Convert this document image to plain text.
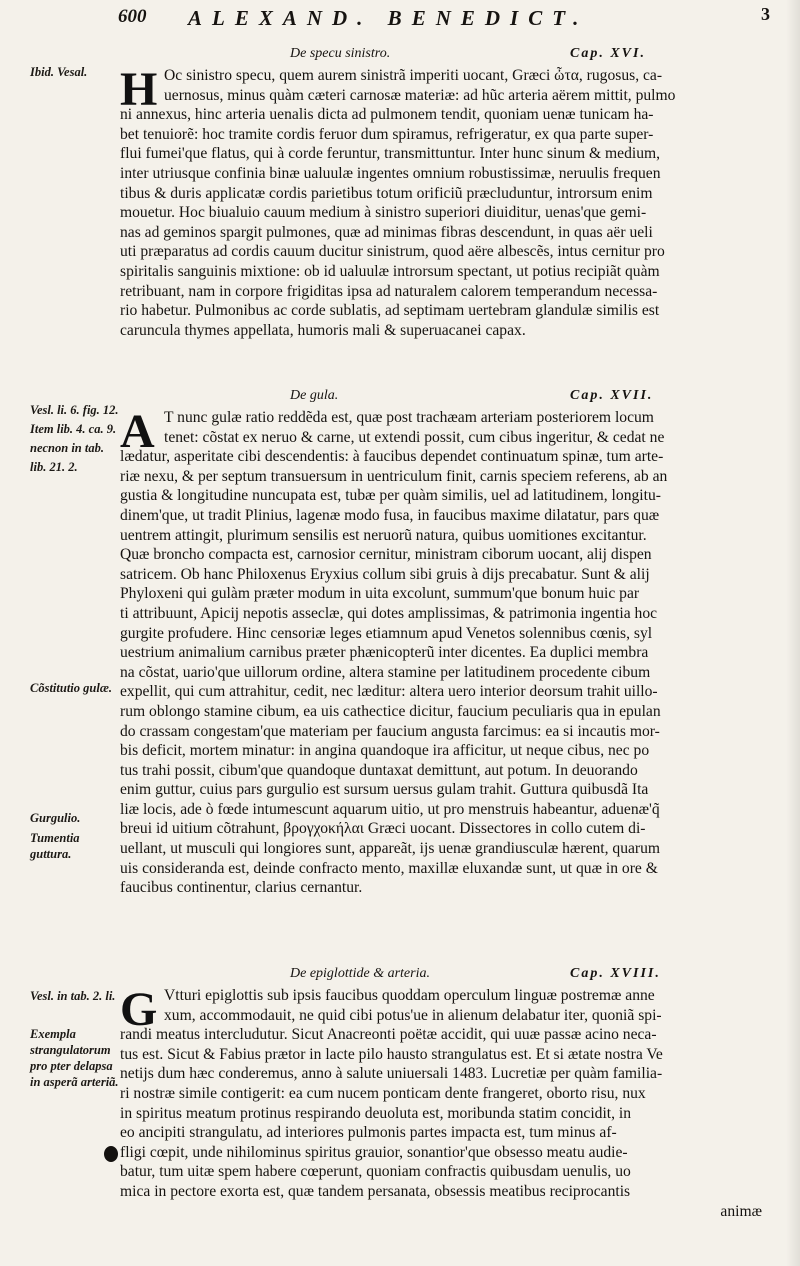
600 ALEXAND. BENEDICT.	3
Ibid. Vesal.
Vesl. li. 6. fig. 12.
Item lib. 4. ca. 9.
necnon in tab.
lib. 21. 2.
Cõstitutio gulæ.
Gurgulio.
Tumentia guttura.
Vesl. in tab. 2. li.
Exempla strangulatorum pro pter delapsa in asperã arteriã.
De specu sinistro.	Cap. XVI.
H Oc sinistro specu, quem aurem sinistrã imperiti uocant, Græci ὦτα, rugosus, ca-
uernosus, minus quàm cæteri carnosæ materiæ: ad hũc arteria aërem mittit, pulmo
ni annexus, hinc arteria uenalis dicta ad pulmonem tendit, quoniam uenæ tunicam ha-
bet tenuiorẽ: hoc tramite cordis feruor dum spiramus, refrigeratur, ex qua parte super-
flui fumei'que flatus, qui à corde feruntur, transmittuntur. Inter hunc sinum & medium,
inter utriusque confinia binæ ualuulæ ingentes omnium robustissimæ, neruulis frequen
tibus & duris applicatæ cordis parietibus totum orificiũ præcluduntur, introrsum enim
mouetur. Hoc biualuio cauum medium à sinistro superiori diuiditur, uenas'que gemi-
nas ad geminos spargit pulmones, quæ ad minimas fibras descendunt, in quas aër ueli
uti præparatus ad cordis cauum ducitur sinistrum, quod aëre albescẽs, intus cernitur pro
spiritalis sanguinis mixtione: ob id ualuulæ introrsum spectant, ut potius recipiãt quàm
retribuant, nam in corpore frigiditas ipsa ad naturalem calorem temperandum necessa-
rio habetur. Pulmonibus ac corde sublatis, ad septimam uertebram glandulæ similis est
caruncula thymes appellata, humoris mali & superuacanei capax.
De gula.	Cap. XVII.
A T nunc gulæ ratio reddẽda est, quæ post trachæam arteriam posteriorem locum
tenet: cõstat ex neruo & carne, ut extendi possit, cum cibus ingeritur, & cedat ne
lædatur, asperitate cibi descendentis: à faucibus dependet continuatum spinæ, tum arte-
riæ nexu, & per septum transuersum in uentriculum finit, carnis speciem referens, ab an
gustia & longitudine nuncupata est, tubæ per quàm similis, uel ad latitudinem, longitu-
dinem'que, ut tradit Plinius, lagenæ modo fusa, in faucibus maxime dilatatur, pars quæ
uentrem attingit, plurimum sensilis est neruorũ natura, quibus uomitiones excitantur.
Quæ broncho compacta est, carnosior cernitur, ministram ciborum uocant, alij dispen
satricem. Ob hanc Philoxenus Eryxius collum sibi gruis à dijs precabatur. Sunt & alij
Phyloxeni qui gulàm præter modum in uita excolunt, summum'que bonum huic par
ti attribuunt, Apicij nepotis asseclæ, qui dotes amplissimas, & patrimonia ingentia hoc
gurgite profudere. Hinc censoriæ leges etiamnum apud Venetos solennibus cœnis, syl
uestrium animalium carnibus præter phænicopterũ inter dicentes. Ea duplici membra
na cõstat, uario'que uillorum ordine, altera stamine per latitudinem procedente cibum
expellit, qui cum attrahitur, cedit, nec læditur: altera uero interior deorsum trahit uillo-
rum oblongo stamine cibum, ea uis cathectice dicitur, faucium peculiaris qua in epulan
do crassam congestam'que materiam per faucium angusta farcimus: ea si incautis mor-
bis deficit, mortem minatur: in angina quandoque ira afficitur, ut neque cibus, nec po
tus trahi possit, cibum'que quandoque duntaxat demittunt, aut potum. In deuorando
enim guttur, cuius pars gurgulio est sursum uersus gulam trahit. Guttura quibusdã Ita
liæ locis, ade ò fœde intumescunt aquarum uitio, ut pro menstruis habeantur, aduenæ'q̃
breui id uitium cõtrahunt, βρογχοκήλαι Græci uocant. Dissectores in collo cutem di-
uellant, ut musculi qui longiores sunt, appareãt, ijs uenæ grandiusculæ hærent, quarum
uis consideranda est, deinde confracto mento, maxillæ eluxandæ sunt, ut quæ in ore &
faucibus continentur, clarius cernantur.
De epiglottide & arteria.	Cap. XVIII.
G Vtturi epiglottis sub ipsis faucibus quoddam operculum linguæ postremæ anne
xum, accommodauit, ne quid cibi potus'ue in alienum delabatur iter, quoniã spi-
randi meatus intercludutur. Sicut Anacreonti poëtæ accidit, qui uuæ passæ acino neca-
tus est. Sicut & Fabius prætor in lacte pilo hausto strangulatus est. Et si ætate nostra Ve
netijs dum hæc conderemus, anno à salute uniuersali 1483. Lucretiæ per quàm familia-
ri nostræ simile contigerit: ea cum nucem ponticam dente frangeret, oborto risu, nux
in spiritus meatum protinus respirando deuoluta est, moribunda statim concidit, in
eo ancipiti strangulatu, ad interiores pulmonis partes impacta est, tum minus af-
fligi cœpit, unde nihilominus spiritus grauior, sonantior'que obsesso meatu audie-
batur, tum uitæ spem habere cœperunt, quoniam confractis quibusdam uenulis, uo
mica in pectore exorta est, quæ tandem persanata, obsessis meatibus reciprocantis
animæ
